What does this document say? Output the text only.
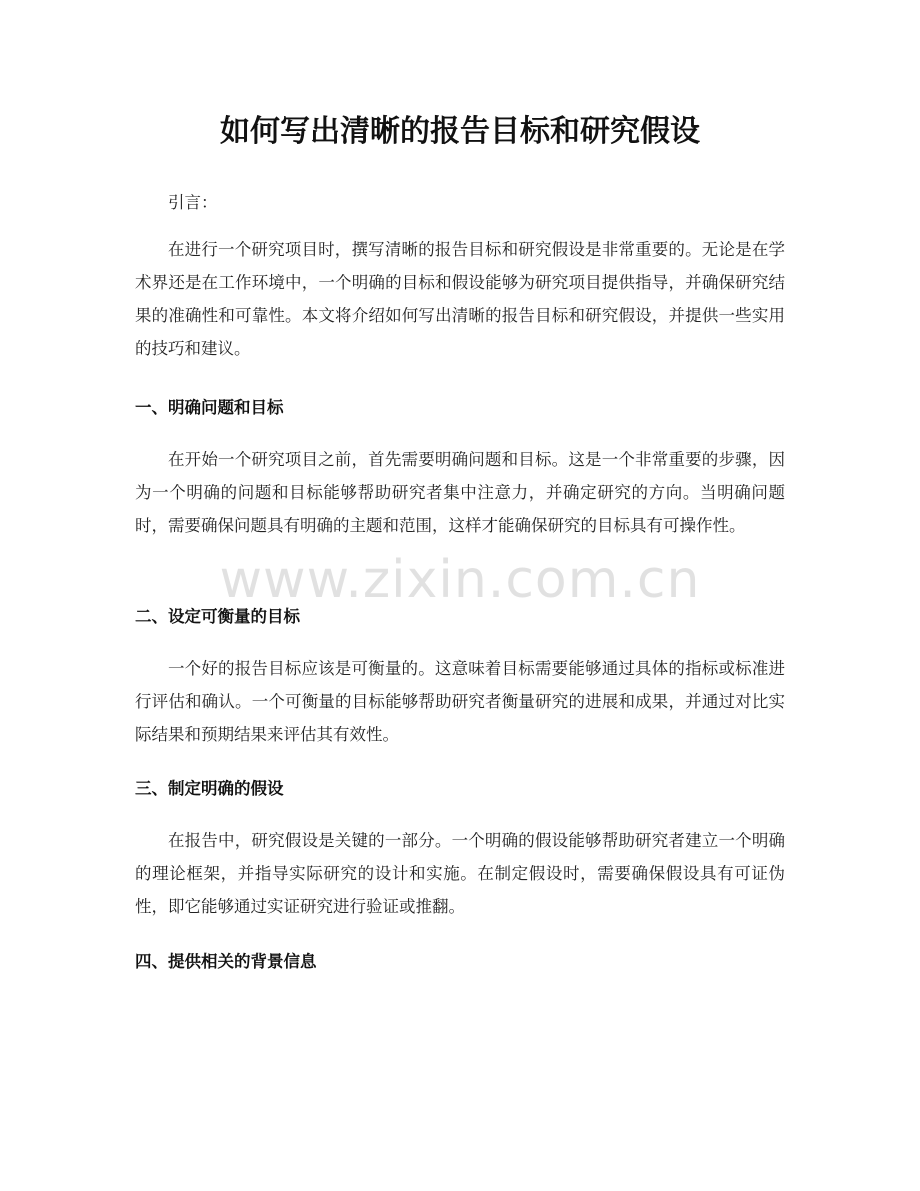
如何写出清晰的报告目标和研究假设

引言：

在进行一个研究项目时，撰写清晰的报告目标和研究假设是非常重要的。无论是在学术界还是在工作环境中，一个明确的目标和假设能够为研究项目提供指导，并确保研究结果的准确性和可靠性。本文将介绍如何写出清晰的报告目标和研究假设，并提供一些实用的技巧和建议。

一、明确问题和目标

在开始一个研究项目之前，首先需要明确问题和目标。这是一个非常重要的步骤，因为一个明确的问题和目标能够帮助研究者集中注意力，并确定研究的方向。当明确问题时，需要确保问题具有明确的主题和范围，这样才能确保研究的目标具有可操作性。

二、设定可衡量的目标

一个好的报告目标应该是可衡量的。这意味着目标需要能够通过具体的指标或标准进行评估和确认。一个可衡量的目标能够帮助研究者衡量研究的进展和成果，并通过对比实际结果和预期结果来评估其有效性。

三、制定明确的假设

在报告中，研究假设是关键的一部分。一个明确的假设能够帮助研究者建立一个明确的理论框架，并指导实际研究的设计和实施。在制定假设时，需要确保假设具有可证伪性，即它能够通过实证研究进行验证或推翻。

四、提供相关的背景信息
www.zixin.com.cn
